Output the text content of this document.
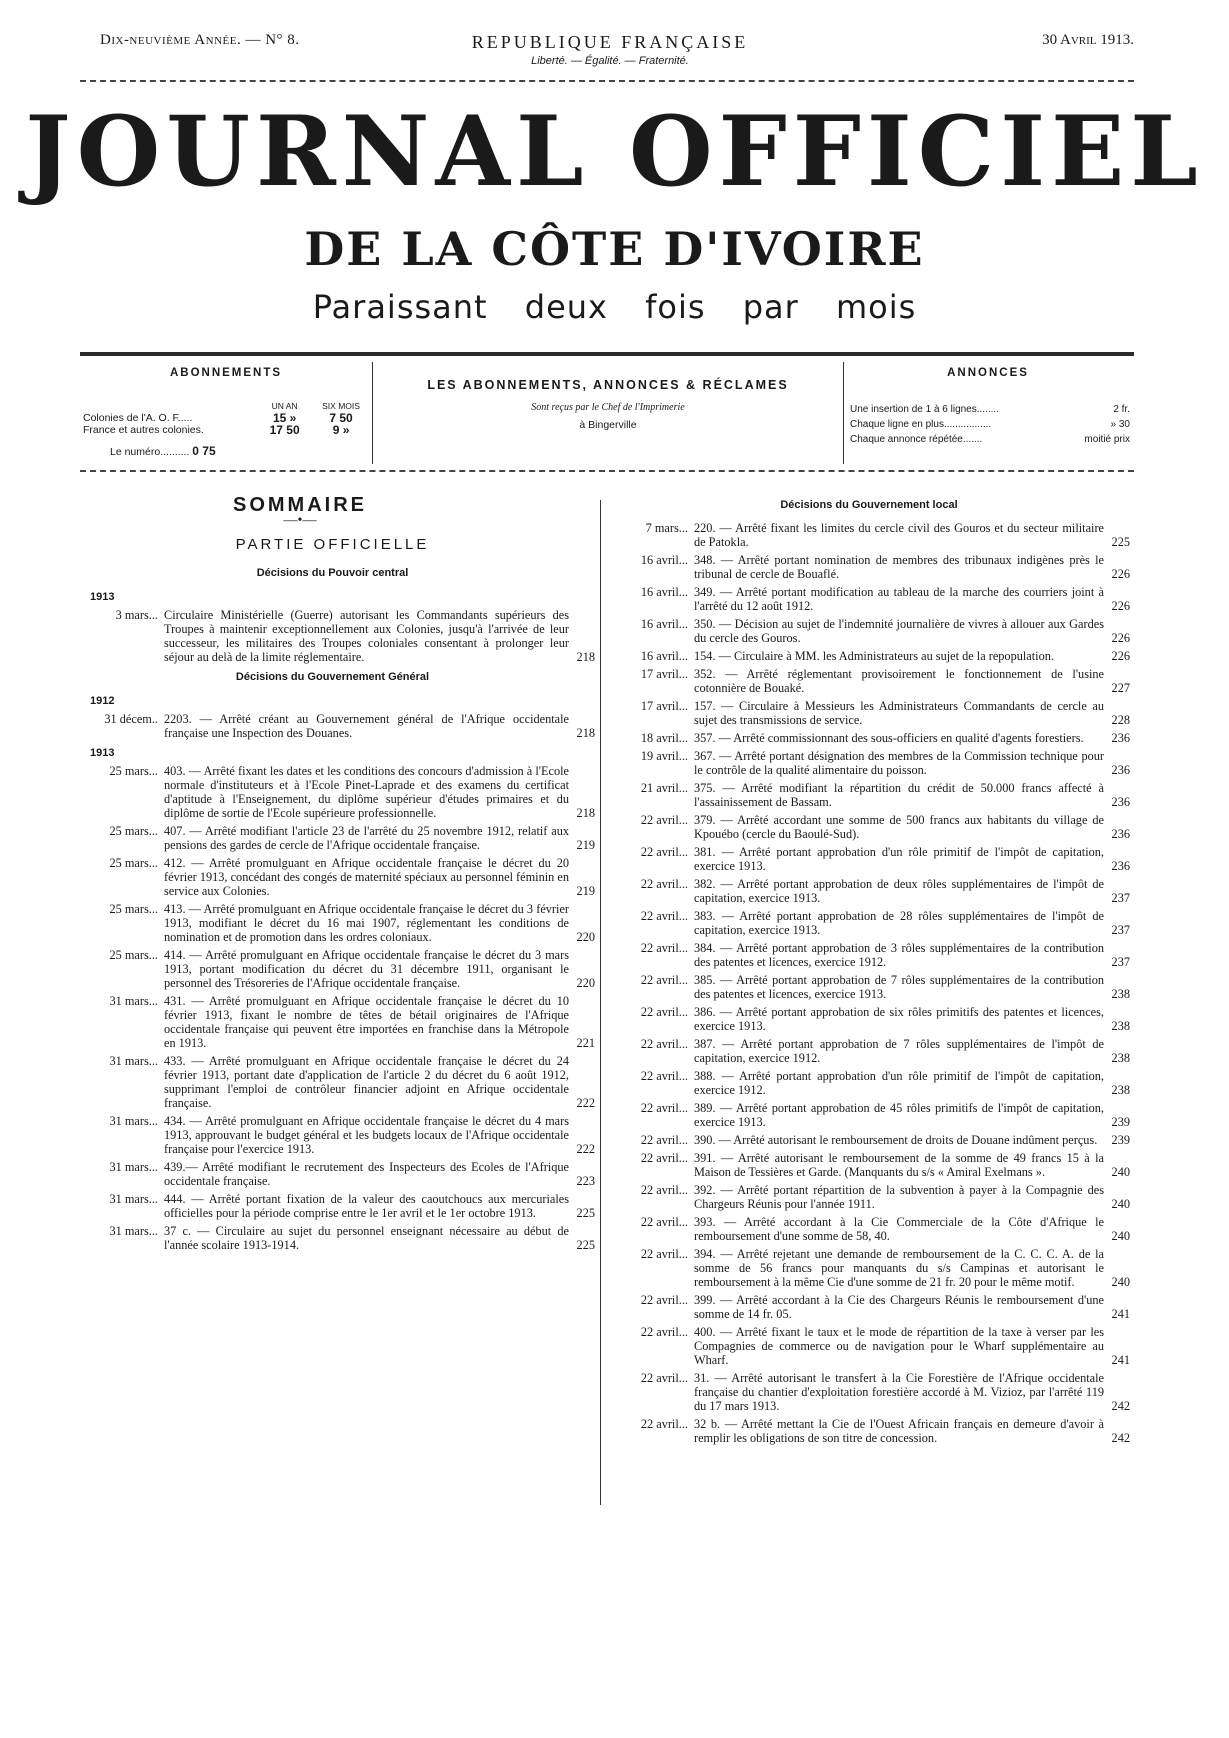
Dix-neuvième Année. — N° 8.	REPUBLIQUE FRANÇAISE
Liberté. — Égalité. — Fraternité.
30 Avril 1913.
JOURNAL OFFICIEL
DE LA CÔTE D'IVOIRE
Paraissant deux fois par mois
ABONNEMENTS
	UN AN	SIX MOIS
Colonies de l'A. O. F.....	15 »	7 50
France et autres colonies.	17 50	9 »
Le numéro.......... 0 75
LES ABONNEMENTS, ANNONCES & RÉCLAMES
Sont reçus par le Chef de l'Imprimerie
à Bingerville
ANNONCES
Une insertion de 1 à 6 lignes........	2 fr.
Chaque ligne en plus.................	» 30
Chaque annonce répétée.......	moitié prix
SOMMAIRE
—•—
PARTIE OFFICIELLE
Décisions du Pouvoir central
1913
3 mars... Circulaire Ministérielle (Guerre) autorisant les Commandants supérieurs des Troupes à maintenir exceptionnellement aux Colonies, jusqu'à l'arrivée de leur successeur, les militaires des Troupes coloniales consentant à prolonger leur séjour au delà de la limite réglementaire.	218
Décisions du Gouvernement Général
1912
31 décem.. 2203. — Arrêté créant au Gouvernement général de l'Afrique occidentale française une Inspection des Douanes.	218
1913
25 mars... 403. — Arrêté fixant les dates et les conditions des concours d'admission à l'Ecole normale d'instituteurs et à l'Ecole Pinet-Laprade et des examens du certificat d'aptitude à l'Enseignement, du diplôme supérieur d'études primaires et du diplôme de sortie de l'Ecole supérieure professionnelle.	218
25 mars... 407. — Arrêté modifiant l'article 23 de l'arrêté du 25 novembre 1912, relatif aux pensions des gardes de cercle de l'Afrique occidentale française.	219
25 mars... 412. — Arrêté promulguant en Afrique occidentale française le décret du 20 février 1913, concédant des congés de maternité spéciaux au personnel féminin en service aux Colonies.	219
25 mars... 413. — Arrêté promulguant en Afrique occidentale française le décret du 3 février 1913, modifiant le décret du 16 mai 1907, réglementant les conditions de nomination et de promotion dans les ordres coloniaux.	220
25 mars... 414. — Arrêté promulguant en Afrique occidentale française le décret du 3 mars 1913, portant modification du décret du 31 décembre 1911, organisant le personnel des Trésoreries de l'Afrique occidentale française.	220
31 mars... 431. — Arrêté promulguant en Afrique occidentale française le décret du 10 février 1913, fixant le nombre de têtes de bétail originaires de l'Afrique occidentale française qui peuvent être importées en franchise dans la Métropole en 1913.	221
31 mars... 433. — Arrêté promulguant en Afrique occidentale française le décret du 24 février 1913, portant date d'application de l'article 2 du décret du 6 août 1912, supprimant l'emploi de contrôleur financier adjoint en Afrique occidentale française.	222
31 mars... 434. — Arrêté promulguant en Afrique occidentale française le décret du 4 mars 1913, approuvant le budget général et les budgets locaux de l'Afrique occidentale française pour l'exercice 1913.	222
31 mars... 439.— Arrêté modifiant le recrutement des Inspecteurs des Ecoles de l'Afrique occidentale française.	223
31 mars... 444. — Arrêté portant fixation de la valeur des caoutchoucs aux mercuriales officielles pour la période comprise entre le 1er avril et le 1er octobre 1913.	225
31 mars... 37 c. — Circulaire au sujet du personnel enseignant nécessaire au début de l'année scolaire 1913-1914.	225
Décisions du Gouvernement local
7 mars... 220. — Arrêté fixant les limites du cercle civil des Gouros et du secteur militaire de Patokla.	225
16 avril... 348. — Arrêté portant nomination de membres des tribunaux indigènes près le tribunal de cercle de Bouaflé.	226
16 avril... 349. — Arrêté portant modification au tableau de la marche des courriers joint à l'arrêté du 12 août 1912.	226
16 avril... 350. — Décision au sujet de l'indemnité journalière de vivres à allouer aux Gardes du cercle des Gouros.	226
16 avril... 154. — Circulaire à MM. les Administrateurs au sujet de la repopulation.	226
17 avril... 352. — Arrêté réglementant provisoirement le fonctionnement de l'usine cotonnière de Bouaké.	227
17 avril... 157. — Circulaire à Messieurs les Administrateurs Commandants de cercle au sujet des transmissions de service.	228
18 avril... 357. — Arrêté commissionnant des sous-officiers en qualité d'agents forestiers.	236
19 avril... 367. — Arrêté portant désignation des membres de la Commission technique pour le contrôle de la qualité alimentaire du poisson.	236
21 avril... 375. — Arrêté modifiant la répartition du crédit de 50.000 francs affecté à l'assainissement de Bassam.	236
22 avril... 379. — Arrêté accordant une somme de 500 francs aux habitants du village de Kpouébo (cercle du Baoulé-Sud).	236
22 avril... 381. — Arrêté portant approbation d'un rôle primitif de l'impôt de capitation, exercice 1913.	236
22 avril... 382. — Arrêté portant approbation de deux rôles supplémentaires de l'impôt de capitation, exercice 1913.	237
22 avril... 383. — Arrêté portant approbation de 28 rôles supplémentaires de l'impôt de capitation, exercice 1913.	237
22 avril... 384. — Arrêté portant approbation de 3 rôles supplémentaires de la contribution des patentes et licences, exercice 1912.	237
22 avril... 385. — Arrêté portant approbation de 7 rôles supplémentaires de la contribution des patentes et licences, exercice 1913.	238
22 avril... 386. — Arrêté portant approbation de six rôles primitifs des patentes et licences, exercice 1913.	238
22 avril... 387. — Arrêté portant approbation de 7 rôles supplémentaires de l'impôt de capitation, exercice 1912.	238
22 avril... 388. — Arrêté portant approbation d'un rôle primitif de l'impôt de capitation, exercice 1912.	238
22 avril... 389. — Arrêté portant approbation de 45 rôles primitifs de l'impôt de capitation, exercice 1913.	239
22 avril... 390. — Arrêté autorisant le remboursement de droits de Douane indûment perçus.	239
22 avril... 391. — Arrêté autorisant le remboursement de la somme de 49 francs 15 à la Maison de Tessières et Garde. (Manquants du s/s « Amiral Exelmans ».	240
22 avril... 392. — Arrêté portant répartition de la subvention à payer à la Compagnie des Chargeurs Réunis pour l'année 1911.	240
22 avril... 393. — Arrêté accordant à la Cie Commerciale de la Côte d'Afrique le remboursement d'une somme de 58, 40.	240
22 avril... 394. — Arrêté rejetant une demande de remboursement de la C. C. C. A. de la somme de 56 francs pour manquants du s/s Campinas et autorisant le remboursement à la même Cie d'une somme de 21 fr. 20 pour le même motif.	240
22 avril... 399. — Arrêté accordant à la Cie des Chargeurs Réunis le remboursement d'une somme de 14 fr. 05.	241
22 avril... 400. — Arrêté fixant le taux et le mode de répartition de la taxe à verser par les Compagnies de commerce ou de navigation pour le Wharf supplémentaire au Wharf.	241
22 avril... 31. — Arrêté autorisant le transfert à la Cie Forestière de l'Afrique occidentale française du chantier d'exploitation forestière accordé à M. Vizioz, par l'arrêté 119 du 17 mars 1913.	242
22 avril... 32 b. — Arrêté mettant la Cie de l'Ouest Africain français en demeure d'avoir à remplir les obligations de son titre de concession.	242
